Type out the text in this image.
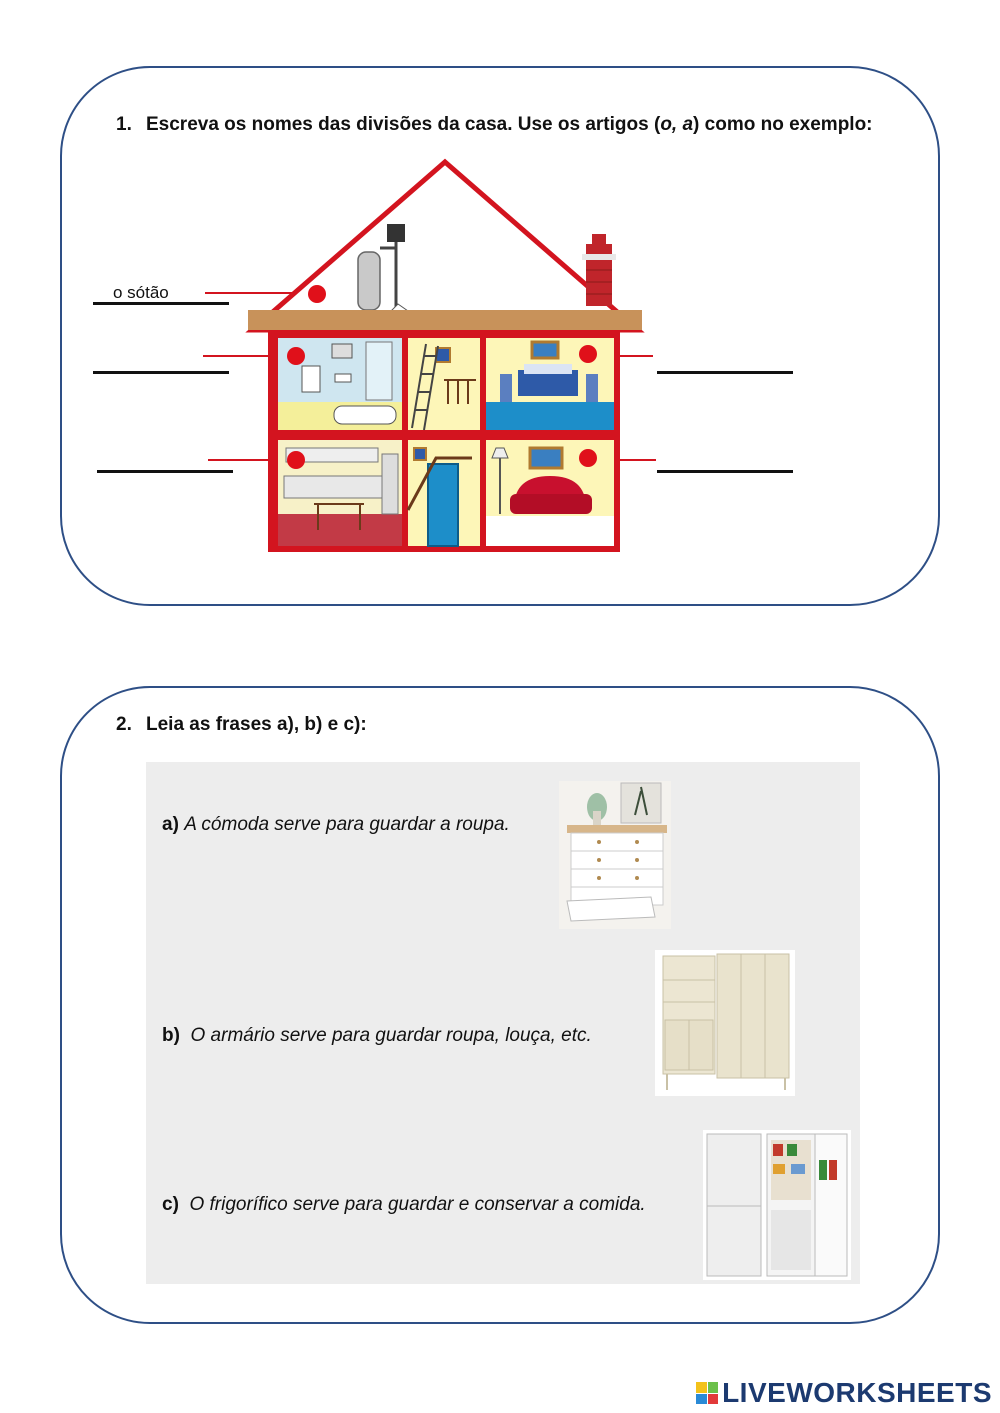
1. Escreva os nomes das divisões da casa. Use os artigos (o, a) como no exemplo:
o sótão
2. Leia as frases a), b) e c):
a) A cómoda serve para guardar a roupa.
b) O armário serve para guardar roupa, louça, etc.
c) O frigorífico serve para guardar e conservar a comida.
LIVEWORKSHEETS
